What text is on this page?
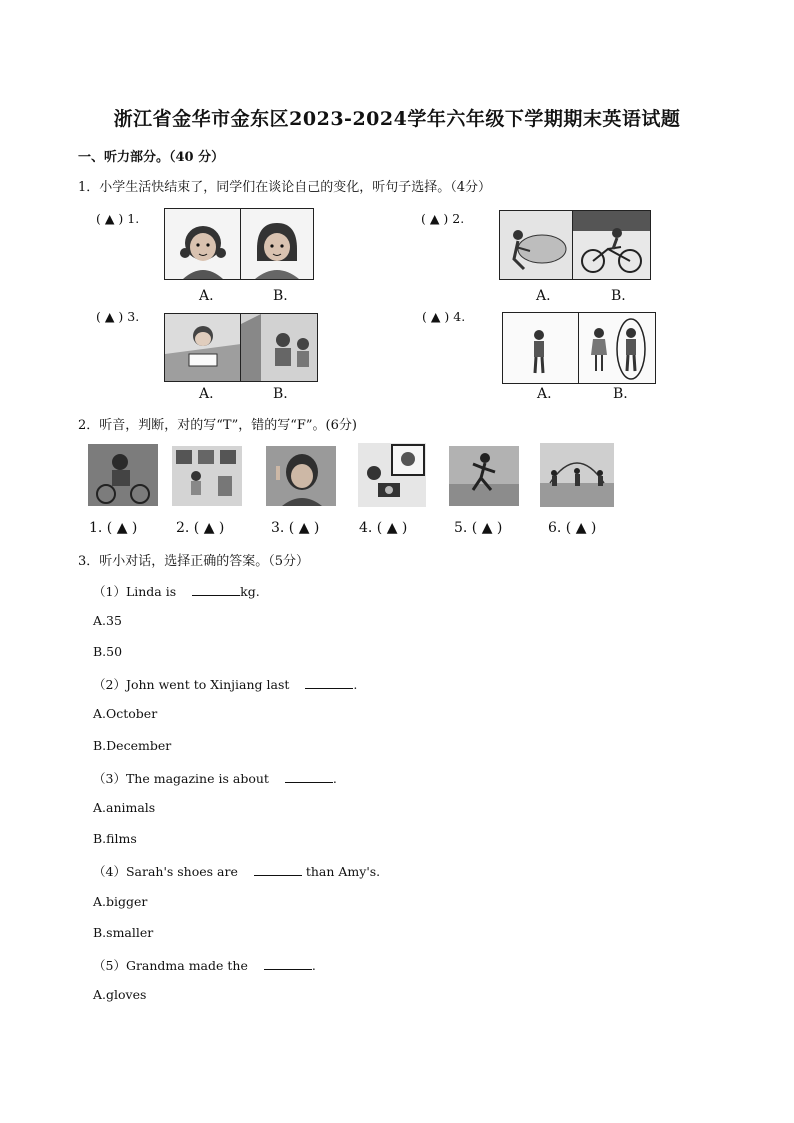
浙江省金华市金东区2023-2024学年六年级下学期期末英语试题
一、听力部分。（40 分）
1．小学生活快结束了，同学们在谈论自己的变化，听句子选择。（4分）
( ▲ ) 1.
A.	B.
( ▲ ) 2.
A.	B.
( ▲ ) 3.
A.	B.
( ▲ ) 4.
A.	B.
2．听音，判断，对的写“T”，错的写“F”。(6分)
1. ( ▲ )	2. ( ▲ )	3. ( ▲ )	4. ( ▲ )	5. ( ▲ )	6. ( ▲ )
3．听小对话，选择正确的答案。（5分）
（1）Linda is	kg.
A.35
B.50
（2）John went to Xinjiang last	.
A.October
B.December
（3）The magazine is about	.
A.animals
B.films
（4）Sarah's shoes are	than Amy's.
A.bigger
B.smaller
（5）Grandma made the	.
A.gloves
